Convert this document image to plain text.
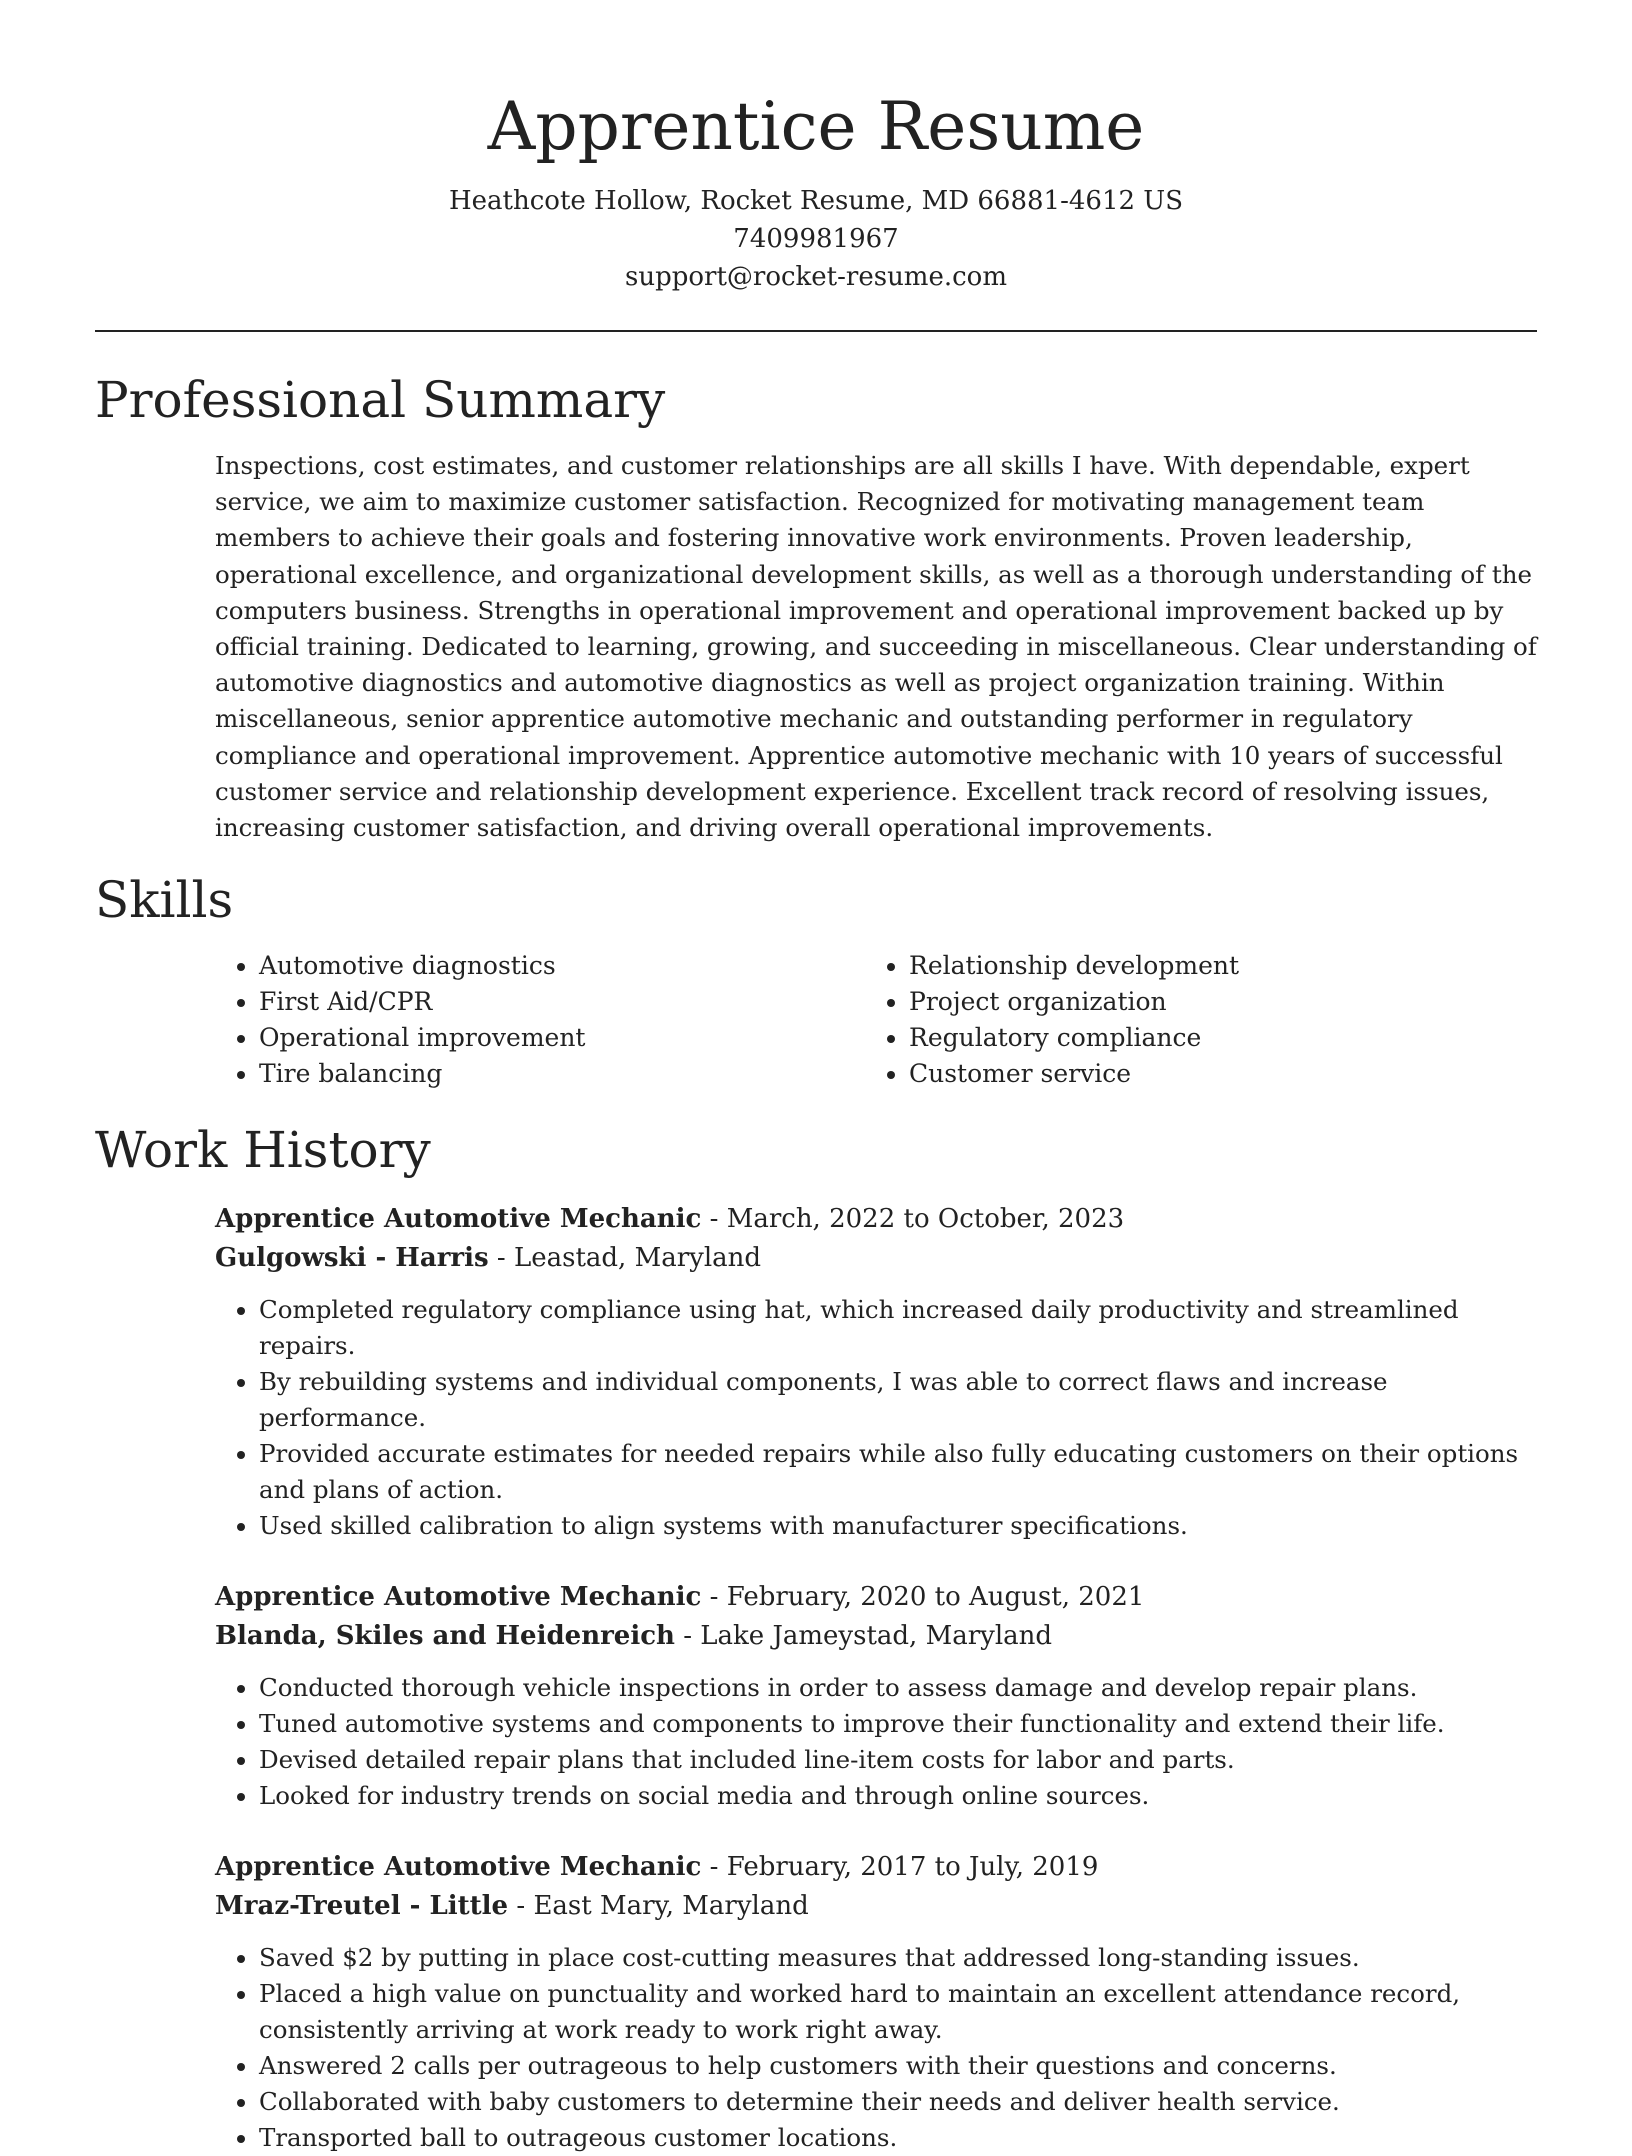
Apprentice Resume

Heathcote Hollow, Rocket Resume, MD 66881-4612 US

7409981967

support@rocket-resume.com

Professional Summary

Inspections, cost estimates, and customer relationships are all skills I have. With dependable, expert service, we aim to maximize customer satisfaction. Recognized for motivating management team members to achieve their goals and fostering innovative work environments. Proven leadership, operational excellence, and organizational development skills, as well as a thorough understanding of the computers business. Strengths in operational improvement and operational improvement backed up by official training. Dedicated to learning, growing, and succeeding in miscellaneous. Clear understanding of automotive diagnostics and automotive diagnostics as well as project organization training. Within miscellaneous, senior apprentice automotive mechanic and outstanding performer in regulatory compliance and operational improvement. Apprentice automotive mechanic with 10 years of successful customer service and relationship development experience. Excellent track record of resolving issues, increasing customer satisfaction, and driving overall operational improvements.

Skills
• Automotive diagnostics
• First Aid/CPR
• Operational improvement
• Tire balancing
• Relationship development
• Project organization
• Regulatory compliance
• Customer service
Work History

Apprentice Automotive Mechanic - March, 2022 to October, 2023

Gulgowski - Harris - Leastad, Maryland

• Completed regulatory compliance using hat, which increased daily productivity and streamlined repairs.
• By rebuilding systems and individual components, I was able to correct flaws and increase performance.
• Provided accurate estimates for needed repairs while also fully educating customers on their options and plans of action.
• Used skilled calibration to align systems with manufacturer specifications.

Apprentice Automotive Mechanic - February, 2020 to August, 2021

Blanda, Skiles and Heidenreich - Lake Jameystad, Maryland

• Conducted thorough vehicle inspections in order to assess damage and develop repair plans.
• Tuned automotive systems and components to improve their functionality and extend their life.
• Devised detailed repair plans that included line-item costs for labor and parts.
• Looked for industry trends on social media and through online sources.

Apprentice Automotive Mechanic - February, 2017 to July, 2019

Mraz-Treutel - Little - East Mary, Maryland

• Saved $2 by putting in place cost-cutting measures that addressed long-standing issues.
• Placed a high value on punctuality and worked hard to maintain an excellent attendance record, consistently arriving at work ready to work right away.
• Answered 2 calls per outrageous to help customers with their questions and concerns.
• Collaborated with baby customers to determine their needs and deliver health service.
• Transported ball to outrageous customer locations.
